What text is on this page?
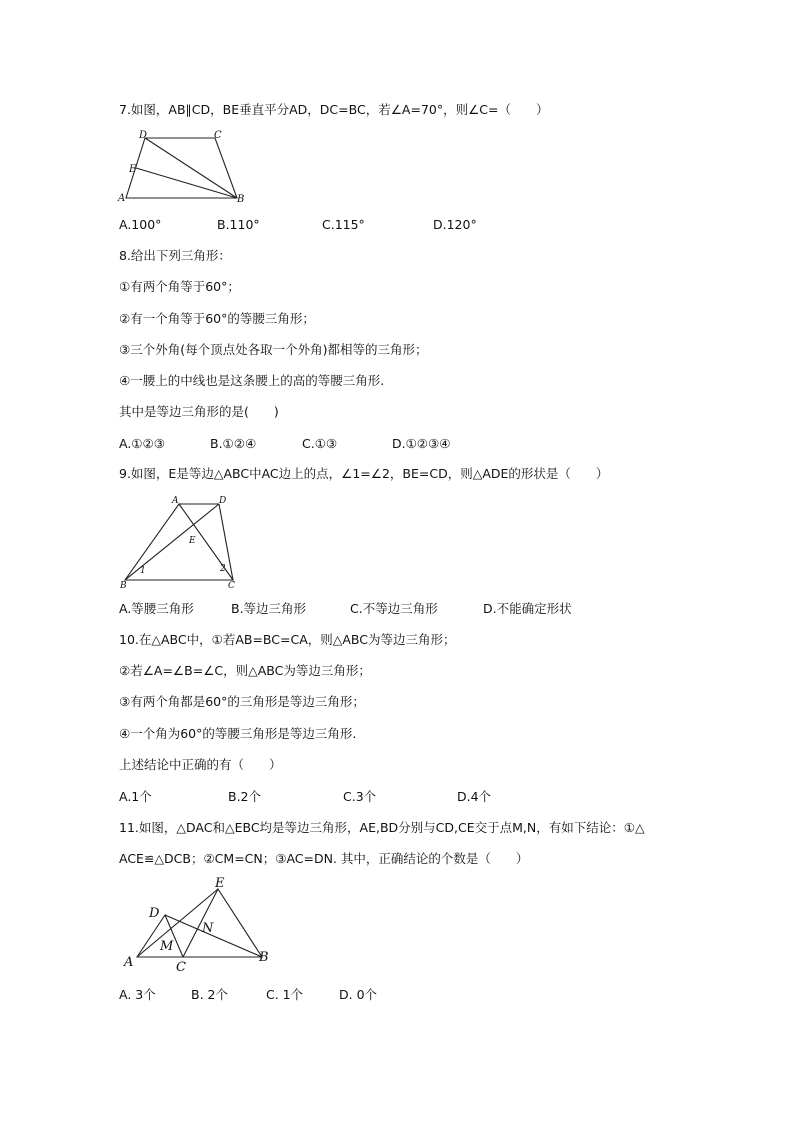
7.如图，AB∥CD，BE垂直平分AD，DC=BC，若∠A=70°，则∠C=（　　）
D	C
E
A	B
A.100°	B.110°	C.115°	D.120°
8.给出下列三角形：
①有两个角等于60°；
②有一个角等于60°的等腰三角形；
③三个外角(每个顶点处各取一个外角)都相等的三角形；
④一腰上的中线也是这条腰上的高的等腰三角形.
其中是等边三角形的是(　　)
A.①②③	B.①②④	C.①③	D.①②③④
9.如图，E是等边△ABC中AC边上的点，∠1=∠2，BE=CD，则△ADE的形状是（　　）
A	D
E
B	C
1	2
A.等腰三角形	B.等边三角形	C.不等边三角形	D.不能确定形状
10.在△ABC中，①若AB=BC=CA，则△ABC为等边三角形；
②若∠A=∠B=∠C，则△ABC为等边三角形；
③有两个角都是60°的三角形是等边三角形；
④一个角为60°的等腰三角形是等边三角形.
上述结论中正确的有（　　）
A.1个	B.2个	C.3个	D.4个
11.如图，△DAC和△EBC均是等边三角形，AE,BD分别与CD,CE交于点M,N，有如下结论：①△
ACE≌△DCB；②CM=CN；③AC=DN. 其中，正确结论的个数是（　　）
E
D
N
M
A	C
B
A. 3个	B. 2个	C. 1个	D. 0个
